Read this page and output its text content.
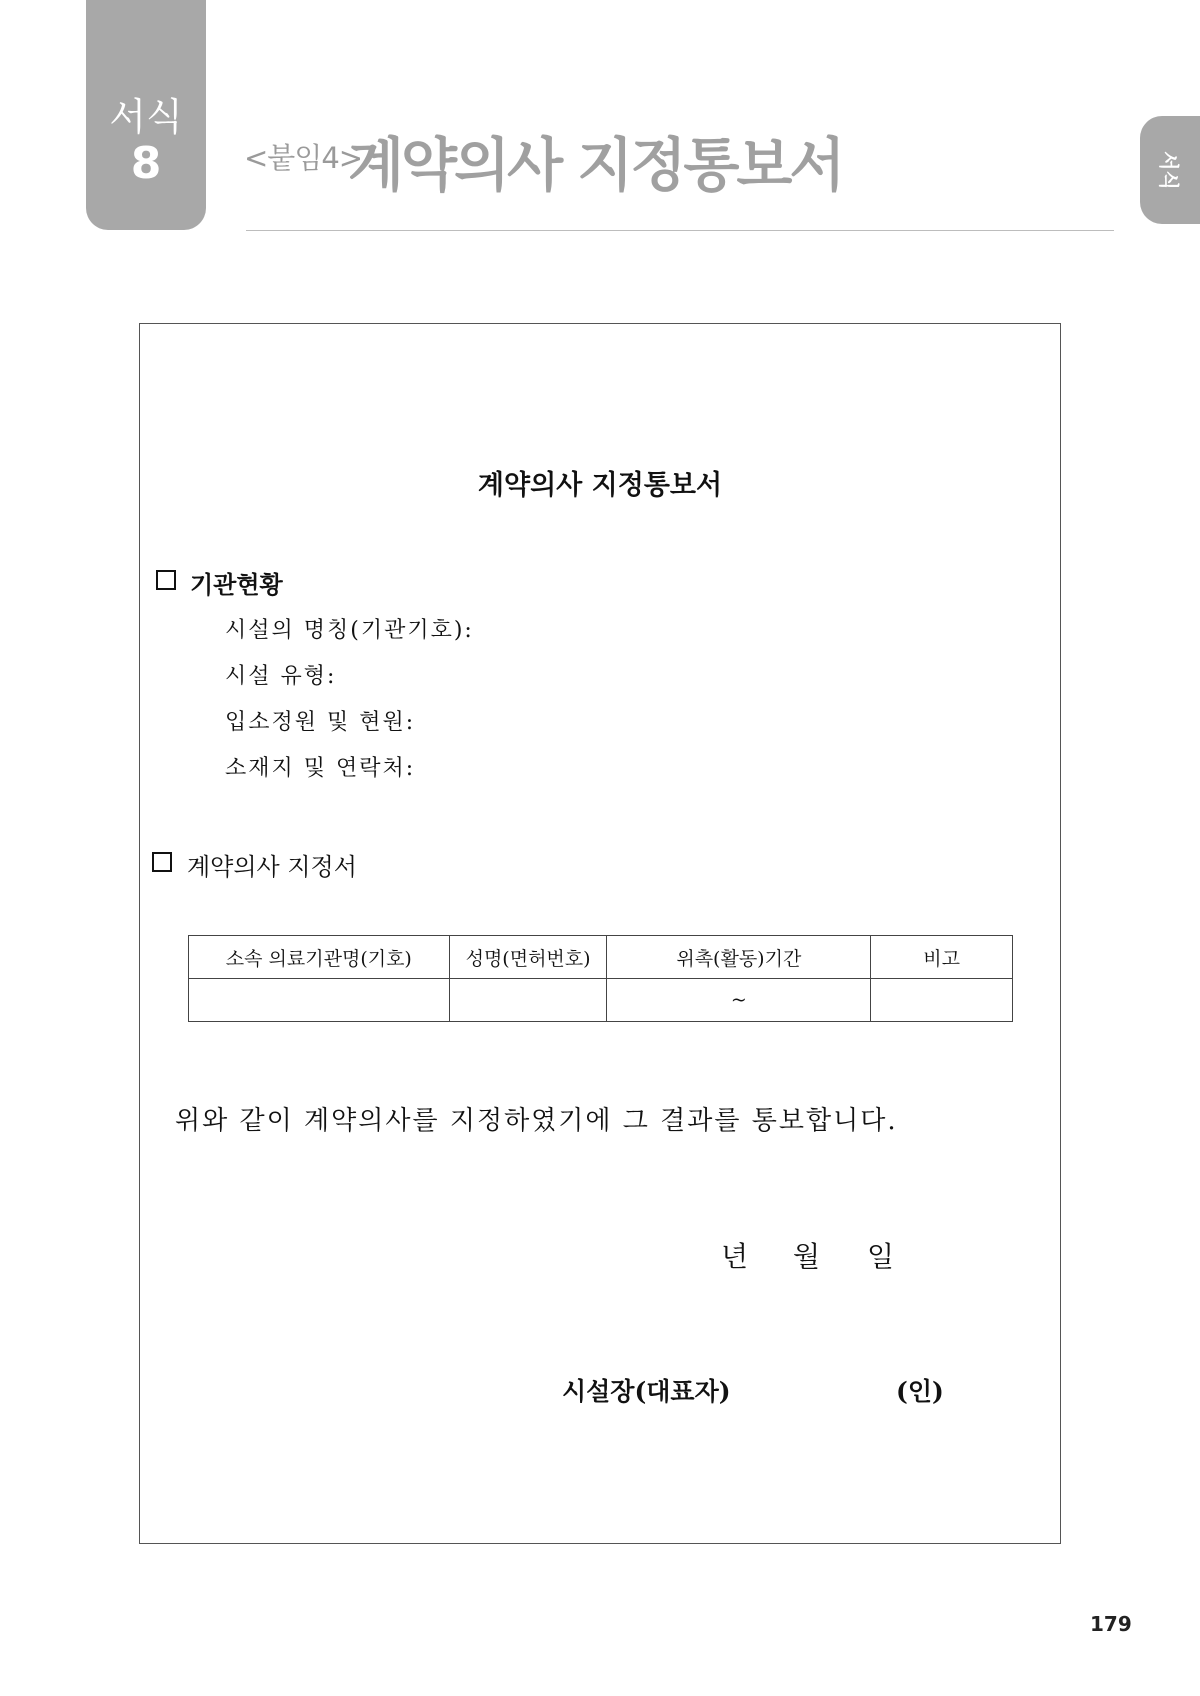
서식
8	<붙임4>
계약의사 지정통보서	서식
계약의사 지정통보서
기관현황
시설의 명칭(기관기호):
시설 유형:
입소정원 및 현원:
소재지 및 연락처:
계약의사 지정서
소속 의료기관명(기호)	성명(면허번호)	위촉(활동)기간	비고
		~	
위와 같이 계약의사를 지정하였기에 그 결과를 통보합니다.
년 월 일
시설장(대표자)	(인)
179
